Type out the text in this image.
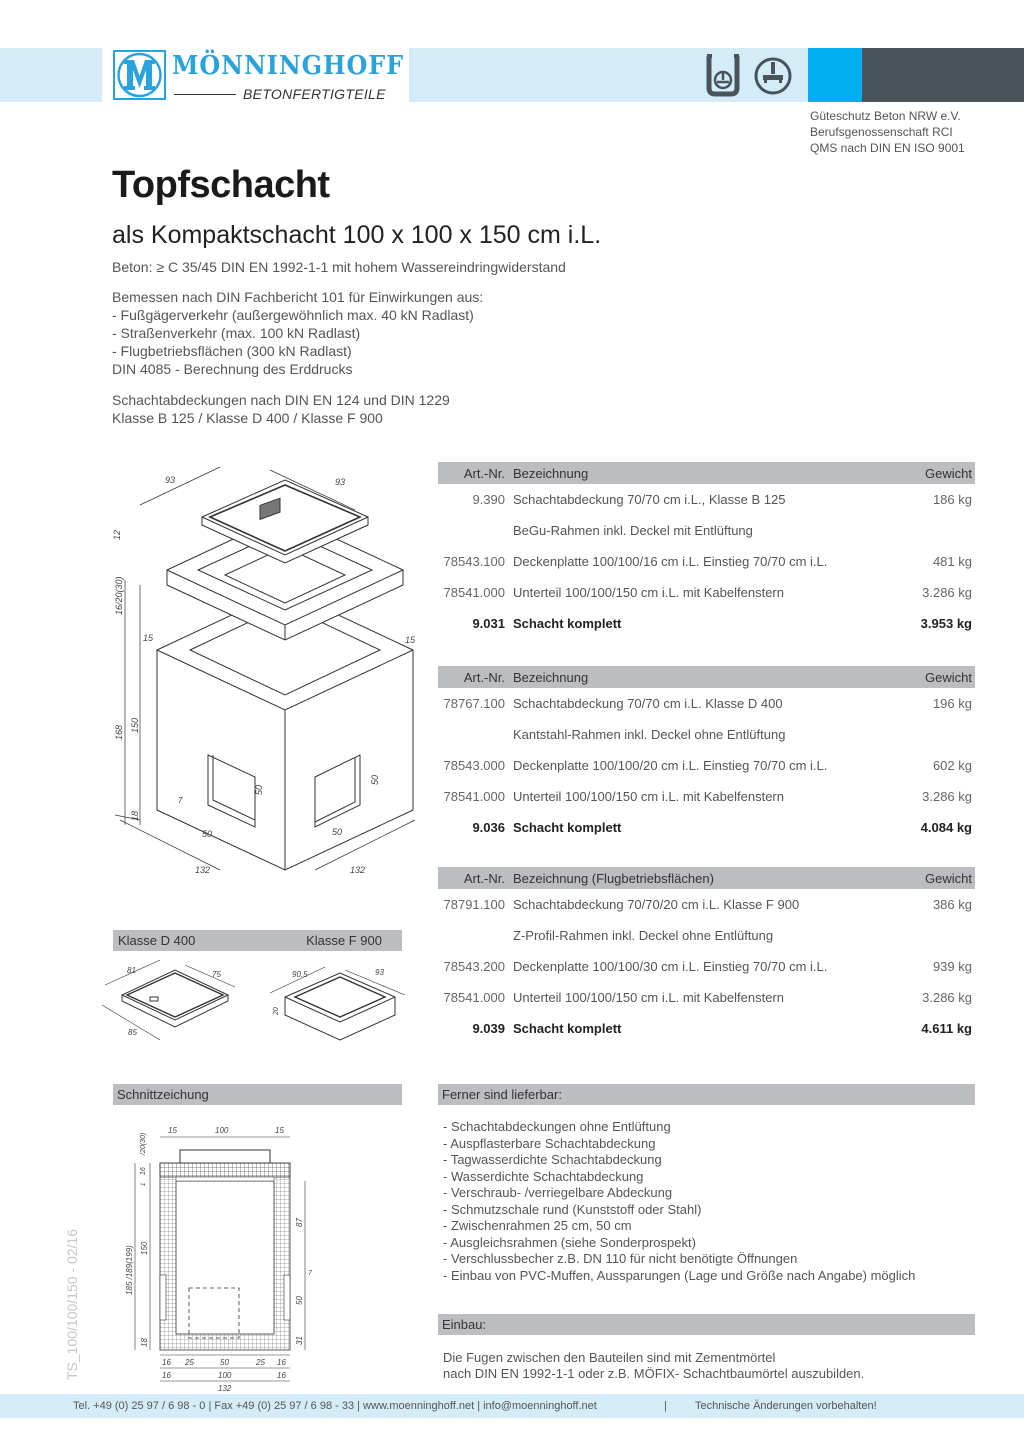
MÖNNINGHOFF
BETONFERTIGTEILE
Güteschutz Beton NRW e.V.
Berufsgenossenschaft RCI
QMS nach DIN EN ISO 9001
Topfschacht
als Kompaktschacht 100 x 100 x 150 cm i.L.
Beton: ≥ C 35/45 DIN EN 1992-1-1 mit hohem Wassereindringwiderstand
Bemessen nach DIN Fachbericht 101 für Einwirkungen aus:
- Fußgägerverkehr (außergewöhnlich max. 40 kN Radlast)
- Straßenverkehr (max. 100 kN Radlast)
- Flugbetriebsflächen (300 kN Radlast)
DIN 4085 - Berechnung des Erddrucks
Schachtabdeckungen nach DIN EN 124 und DIN 1229
Klasse B 125 / Klasse D 400 / Klasse F 900
Art.-Nr. Bezeichnung	Gewicht
9.390 Schachtabdeckung 70/70 cm i.L., Klasse B 125	186 kg
BeGu-Rahmen inkl. Deckel mit Entlüftung
78543.100 Deckenplatte 100/100/16 cm i.L. Einstieg 70/70 cm i.L.	481 kg
78541.000 Unterteil 100/100/150 cm i.L. mit Kabelfenstern	3.286 kg
9.031 Schacht komplett	3.953 kg
Art.-Nr. Bezeichnung	Gewicht
78767.100 Schachtabdeckung 70/70 cm i.L. Klasse D 400	196 kg
Kantstahl-Rahmen inkl. Deckel ohne Entlüftung
78543.000 Deckenplatte 100/100/20 cm i.L. Einstieg 70/70 cm i.L.	602 kg
78541.000 Unterteil 100/100/150 cm i.L. mit Kabelfenstern	3.286 kg
9.036 Schacht komplett	4.084 kg
Art.-Nr. Bezeichnung (Flugbetriebsflächen)	Gewicht
78791.100 Schachtabdeckung 70/70/20 cm i.L. Klasse F 900	386 kg
Z-Profil-Rahmen inkl. Deckel ohne Entlüftung
78543.200 Deckenplatte 100/100/30 cm i.L. Einstieg 70/70 cm i.L.	939 kg
78541.000 Unterteil 100/100/150 cm i.L. mit Kabelfenstern	3.286 kg
9.039 Schacht komplett	4.611 kg
93	93
12
16/20(30)
15	15
168 150
18
50
50
7
50
50
132	132
Klasse D 400	Klasse F 900
81	75
85
90.5	93
20
Schnittzeichung
15	100	15
16
/20(30)
1
185 /189(199) 150
18
87
7
50
31
16 25	50	25 16
16	100	16
132
Ferner sind lieferbar:
- Schachtabdeckungen ohne Entlüftung
- Auspflasterbare Schachtabdeckung
- Tagwasserdichte Schachtabdeckung
- Wasserdichte Schachtabdeckung
- Verschraub- /verriegelbare Abdeckung
- Schmutzschale rund (Kunststoff oder Stahl)
- Zwischenrahmen 25 cm, 50 cm
- Ausgleichsrahmen (siehe Sonderprospekt)
- Verschlussbecher z.B. DN 110 für nicht benötigte Öffnungen
- Einbau von PVC-Muffen, Aussparungen (Lage und Größe nach Angabe) möglich
Einbau:
Die Fugen zwischen den Bauteilen sind mit Zementmörtel
nach DIN EN 1992-1-1 oder z.B. MÖFIX- Schachtbaumörtel auszubilden.
TS_100/100/150 - 02/16
Tel. +49 (0) 25 97 / 6 98 - 0 | Fax +49 (0) 25 97 / 6 98 - 33 | www.moenninghoff.net | info@moenninghoff.net	|	Technische Änderungen vorbehalten!
